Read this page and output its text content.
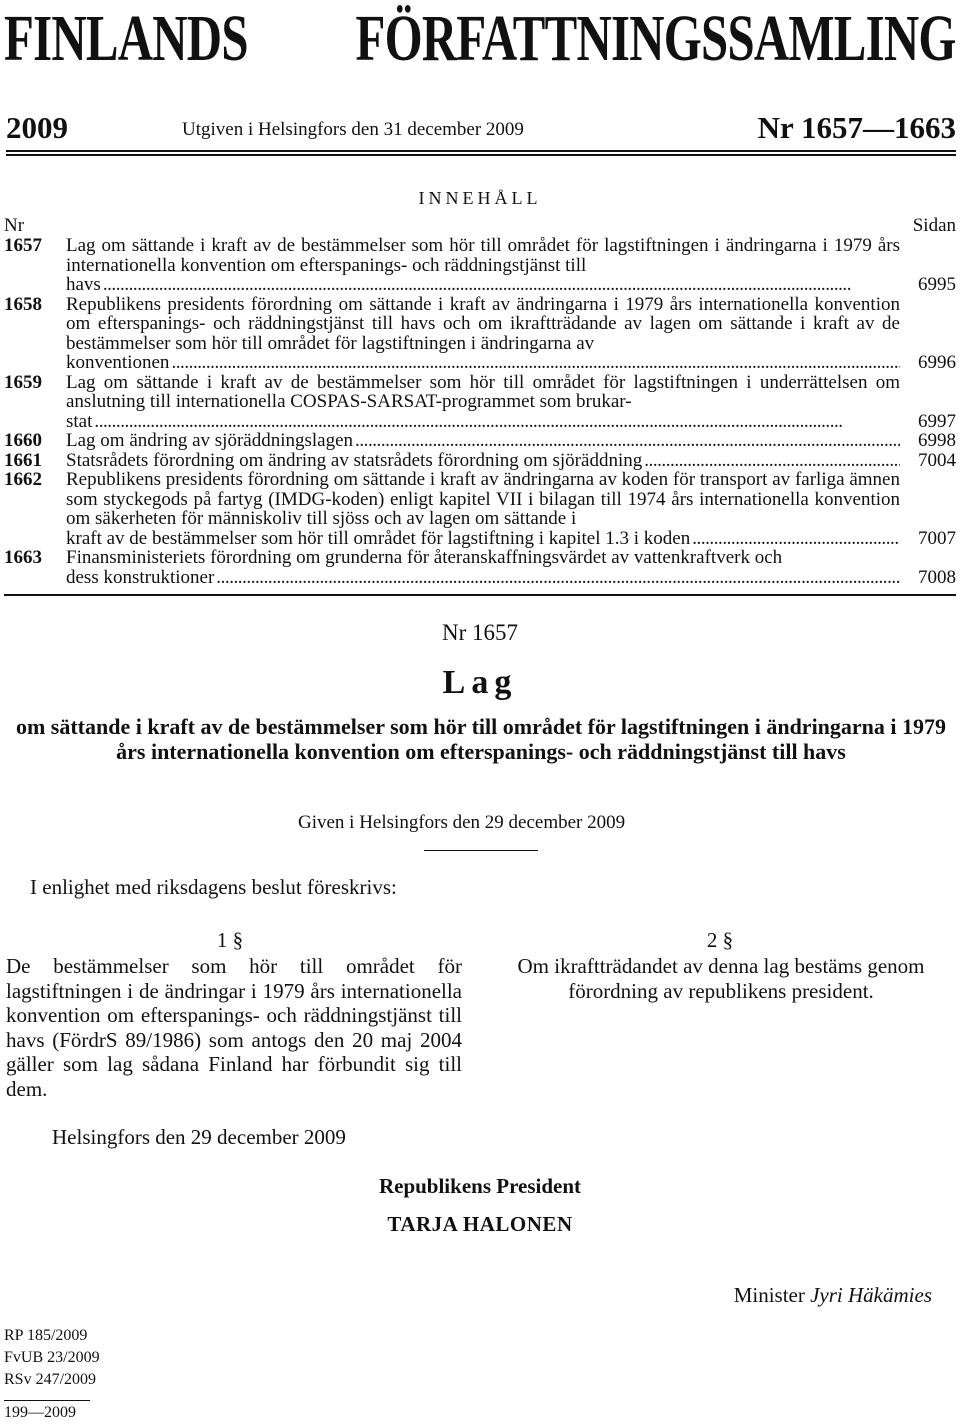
FINLANDS FÖRFATTNINGSSAMLING
2009	Utgiven i Helsingfors den 31 december 2009	Nr 1657—1663
INNEHÅLL
Nr	Sidan
1657 Lag om sättande i kraft av de bestämmelser som hör till området för lagstiftningen i ändringarna i 1979 års internationella konvention om efterspanings- och räddningstjänst till
havs . . .	6995
1658 Republikens presidents förordning om sättande i kraft av ändringarna i 1979 års internationella konvention om efterspanings- och räddningstjänst till havs och om ikraftträdande av lagen om sättande i kraft av de bestämmelser som hör till området för lagstiftningen i ändringarna av
konventionen . . .	6996
1659 Lag om sättande i kraft av de bestämmelser som hör till området för lagstiftningen i underrättelsen om anslutning till internationella COSPAS-SARSAT-programmet som brukar-
stat . . .	6997
1660 Lag om ändring av sjöräddningslagen . . .	6998
1661 Statsrådets förordning om ändring av statsrådets förordning om sjöräddning . . .	7004
1662 Republikens presidents förordning om sättande i kraft av ändringarna av koden för transport av farliga ämnen som styckegods på fartyg (IMDG-koden) enligt kapitel VII i bilagan till 1974 års internationella konvention om säkerheten för människoliv till sjöss och av lagen om sättande i
kraft av de bestämmelser som hör till området för lagstiftning i kapitel 1.3 i koden . . .	7007
1663 Finansministeriets förordning om grunderna för återanskaffningsvärdet av vattenkraftverk och
dess konstruktioner . . .	7008
Nr 1657
Lag
om sättande i kraft av de bestämmelser som hör till området för lagstiftningen i ändringarna i 1979 års internationella konvention om efterspanings- och räddningstjänst till havs
Given i Helsingfors den 29 december 2009
I enlighet med riksdagens beslut föreskrivs:
1 §
De bestämmelser som hör till området för lagstiftningen i de ändringar i 1979 års internationella konvention om efterspanings- och räddningstjänst till havs (FördrS 89/1986) som antogs den 20 maj 2004 gäller som lag sådana Finland har förbundit sig till dem.
2 §
Om ikraftträdandet av denna lag bestäms genom förordning av republikens president.
Helsingfors den 29 december 2009
Republikens President
TARJA HALONEN
Minister Jyri Häkämies
RP 185/2009
FvUB 23/2009
RSv 247/2009
199—2009
